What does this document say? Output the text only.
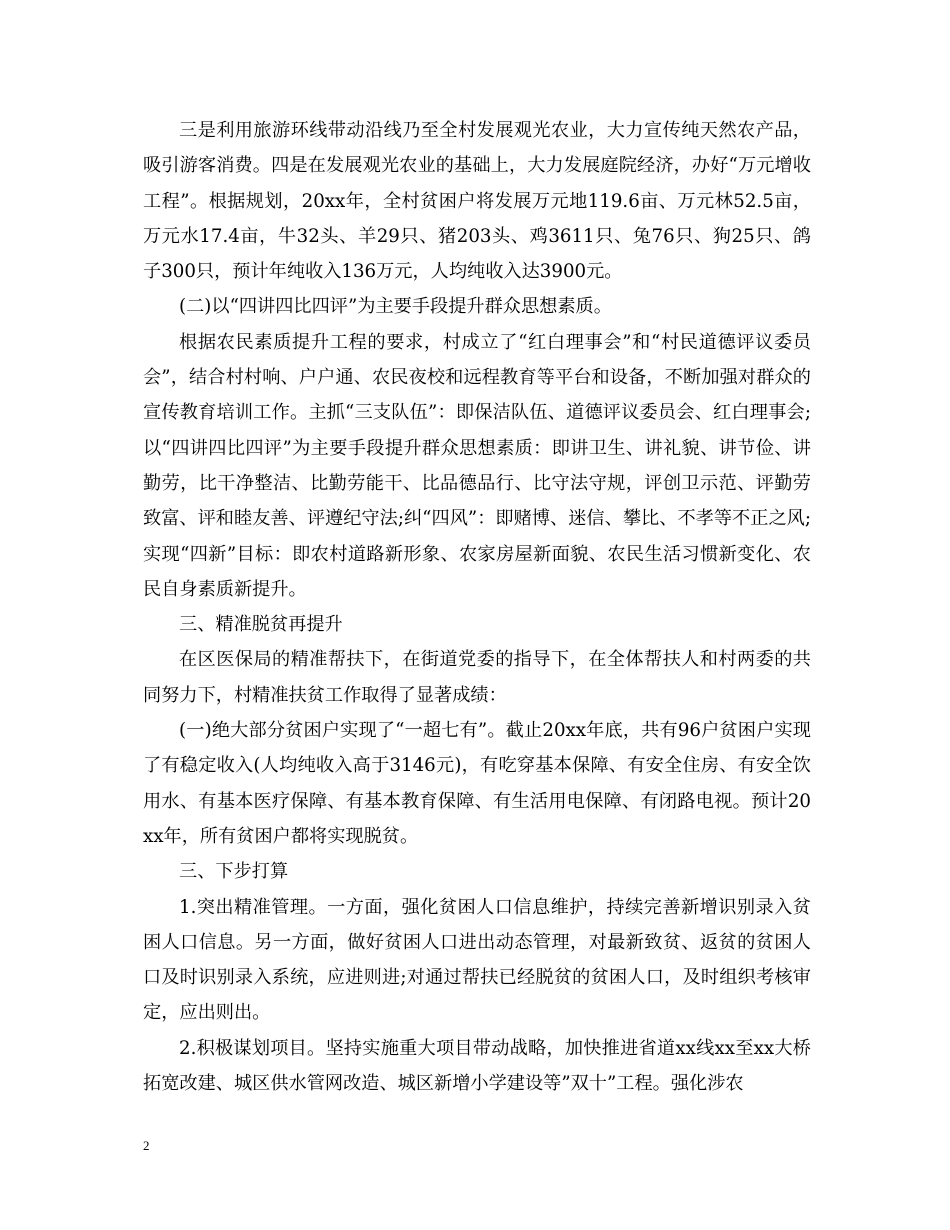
三是利用旅游环线带动沿线乃至全村发展观光农业，大力宣传纯天然农产品，吸引游客消费。四是在发展观光农业的基础上，大力发展庭院经济，办好“万元增收工程”。根据规划，20xx年，全村贫困户将发展万元地119.6亩、万元林52.5亩，万元水17.4亩，牛32头、羊29只、猪203头、鸡3611只、兔76只、狗25只、鸽子300只，预计年纯收入136万元，人均纯收入达3900元。

(二)以“四讲四比四评”为主要手段提升群众思想素质。

根据农民素质提升工程的要求，村成立了“红白理事会”和“村民道德评议委员会”，结合村村响、户户通、农民夜校和远程教育等平台和设备，不断加强对群众的宣传教育培训工作。主抓“三支队伍”：即保洁队伍、道德评议委员会、红白理事会;以“四讲四比四评”为主要手段提升群众思想素质：即讲卫生、讲礼貌、讲节俭、讲勤劳，比干净整洁、比勤劳能干、比品德品行、比守法守规，评创卫示范、评勤劳致富、评和睦友善、评遵纪守法;纠“四风”：即赌博、迷信、攀比、不孝等不正之风;实现“四新”目标：即农村道路新形象、农家房屋新面貌、农民生活习惯新变化、农民自身素质新提升。

三、精准脱贫再提升

在区医保局的精准帮扶下，在街道党委的指导下，在全体帮扶人和村两委的共同努力下，村精准扶贫工作取得了显著成绩：

(一)绝大部分贫困户实现了“一超七有”。截止20xx年底，共有96户贫困户实现了有稳定收入(人均纯收入高于3146元)，有吃穿基本保障、有安全住房、有安全饮用水、有基本医疗保障、有基本教育保障、有生活用电保障、有闭路电视。预计20xx年，所有贫困户都将实现脱贫。

三、下步打算

1.突出精准管理。一方面，强化贫困人口信息维护，持续完善新增识别录入贫困人口信息。另一方面，做好贫困人口进出动态管理，对最新致贫、返贫的贫困人口及时识别录入系统，应进则进;对通过帮扶已经脱贫的贫困人口，及时组织考核审定，应出则出。

2.积极谋划项目。坚持实施重大项目带动战略，加快推进省道xx线xx至xx大桥拓宽改建、城区供水管网改造、城区新增小学建设等”双十”工程。强化涉农

2
